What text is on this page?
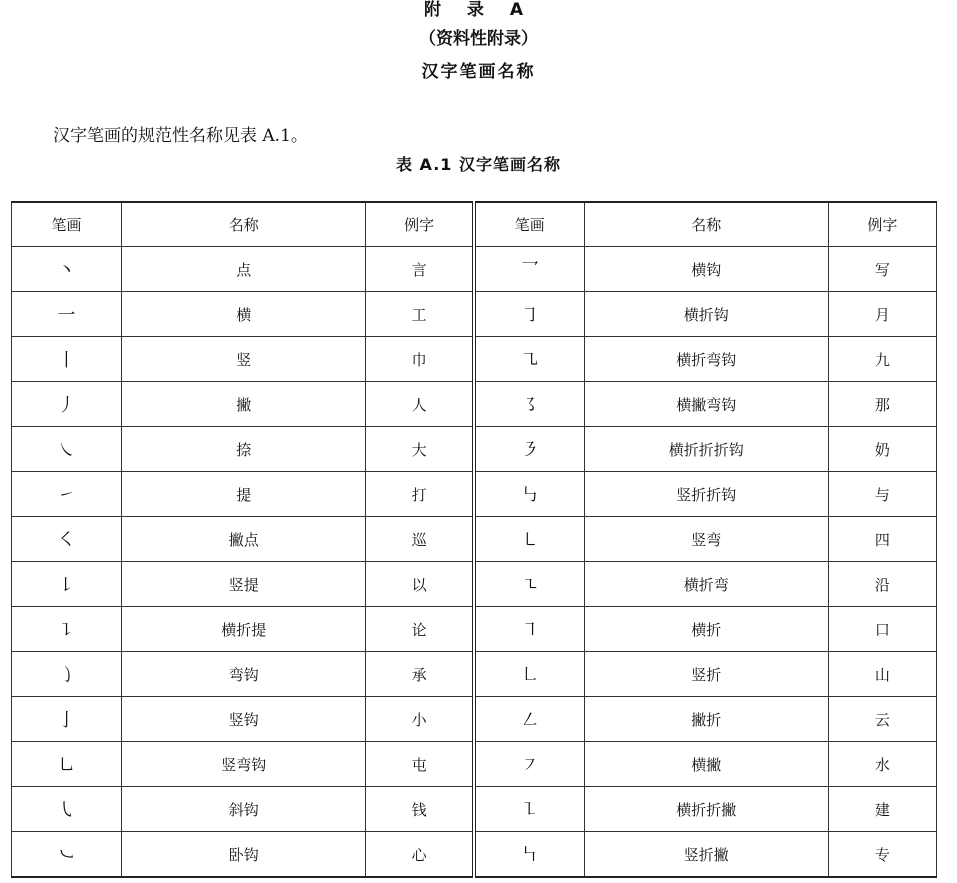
附 录 A
（资料性附录）
汉字笔画名称

汉字笔画的规范性名称见表 A.1。

表 A.1 汉字笔画名称
笔画	名称	例字	笔画	名称	例字
丶	点	言	乛	横钩	写
一	横	工	㇆	横折钩	月
丨	竖	巾	㇈	横折弯钩	九
丿	撇	人	㇌	横撇弯钩	那
㇏	捺	大	㇋	横折折折钩	奶
㇀	提	打	㇉	竖折折钩	与
㇛	撇点	巡	㇄	竖弯	四
㇙	竖提	以	㇍	横折弯	沿
㇊	横折提	论	㇕	横折	口
㇁	弯钩	承	㇗	竖折	山
亅	竖钩	小	㇜	撇折	云
㇟	竖弯钩	屯	㇇	横撇	水
㇂	斜钩	钱	㇅	横折折撇	建
㇃	卧钩	心	㇞	竖折撇	专
